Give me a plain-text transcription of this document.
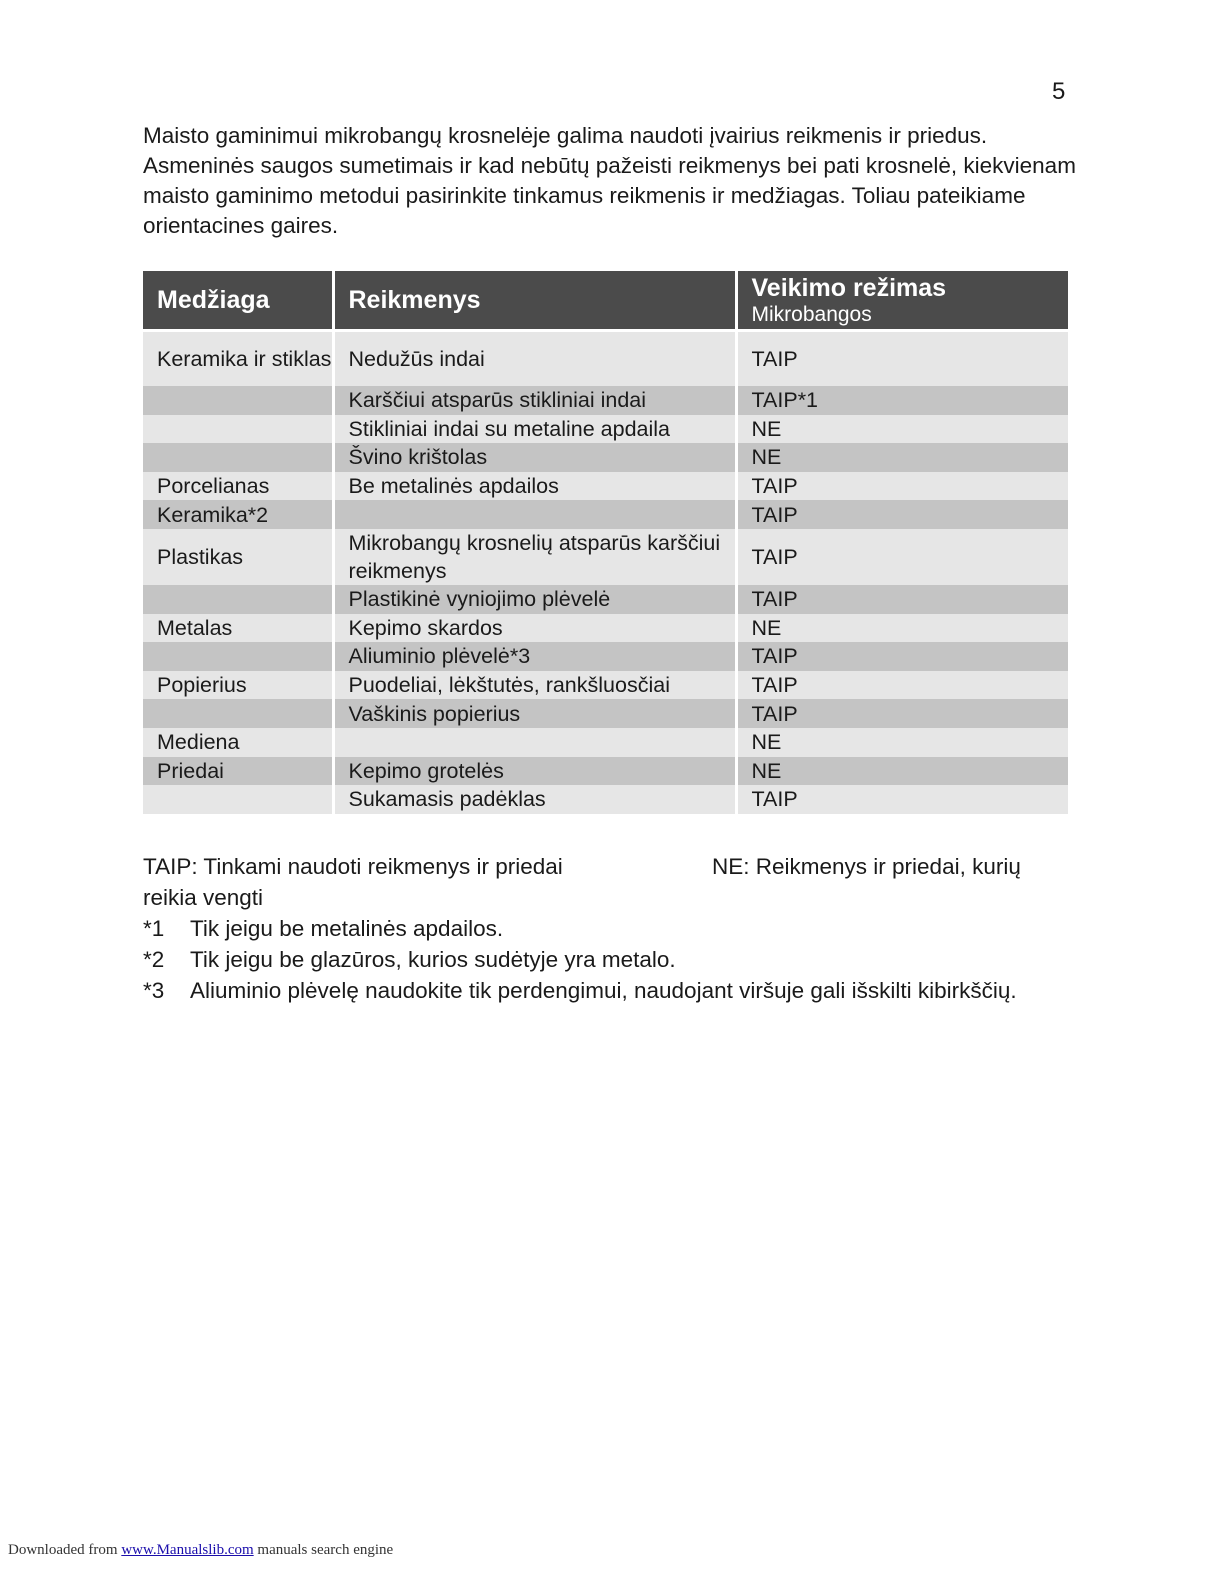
5

Maisto gaminimui mikrobangų krosnelėje galima naudoti įvairius reikmenis ir priedus. Asmeninės saugos sumetimais ir kad nebūtų pažeisti reikmenys bei pati krosnelė, kiekvienam maisto gaminimo metodui pasirinkite tinkamus reikmenis ir medžiagas. Toliau pateikiame orientacines gaires.

Medžiaga	Reikmenys	Veikimo režimas
Mikrobangos

Keramika ir stiklas	Nedužūs indai	TAIP
	Karščiui atsparūs stikliniai indai	TAIP*1
	Stikliniai indai su metaline apdaila	NE
	Švino krištolas	NE
Porcelianas	Be metalinės apdailos	TAIP
Keramika*2		TAIP
Plastikas	Mikrobangų krosnelių atsparūs karščiui reikmenys	TAIP
	Plastikinė vyniojimo plėvelė	TAIP
Metalas	Kepimo skardos	NE
	Aliuminio plėvelė*3	TAIP
Popierius	Puodeliai, lėkštutės, rankšluosčiai	TAIP
	Vaškinis popierius	TAIP
Mediena		NE
Priedai	Kepimo grotelės	NE
	Sukamasis padėklas	TAIP
TAIP: Tinkami naudoti reikmenys ir priedai	NE: Reikmenys ir priedai, kurių
reikia vengti
*1	Tik jeigu be metalinės apdailos.
*2	Tik jeigu be glazūros, kurios sudėtyje yra metalo.
*3	Aliuminio plėvelę naudokite tik perdengimui, naudojant viršuje gali išskilti kibirkščių.
Downloaded from www.Manualslib.com manuals search engine
